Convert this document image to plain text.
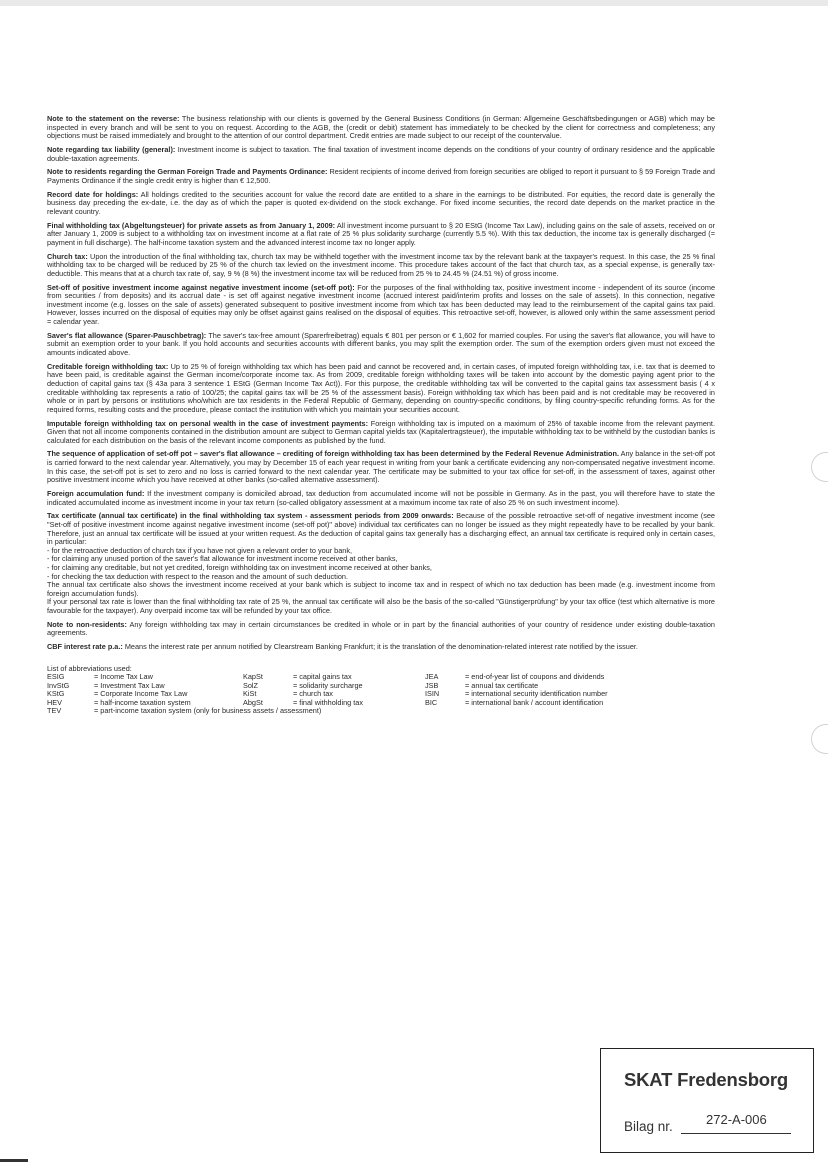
Note to the statement on the reverse: The business relationship with our clients is governed by the General Business Conditions (in German: Allgemeine Geschäftsbedingungen or AGB) which may be inspected in every branch and will be sent to you on request. According to the AGB, the (credit or debit) statement has immediately to be checked by the client for correctness and completeness; any objections must be raised immediately and brought to the attention of our control department. Credit entries are made subject to our receipt of the countervalue.

Note regarding tax liability (general): Investment income is subject to taxation. The final taxation of investment income depends on the conditions of your country of ordinary residence and the applicable double-taxation agreements.

Note to residents regarding the German Foreign Trade and Payments Ordinance: Resident recipients of income derived from foreign securities are obliged to report it pursuant to § 59 Foreign Trade and Payments Ordinance if the single credit entry is higher than € 12,500.

Record date for holdings: All holdings credited to the securities account for value the record date are entitled to a share in the earnings to be distributed. For equities, the record date is generally the business day preceding the ex-date, i.e. the day as of which the paper is quoted ex-dividend on the stock exchange. For fixed income securities, the record date depends on the market practice in the relevant country.

Final withholding tax (Abgeltungsteuer) for private assets as from January 1, 2009: All investment income pursuant to § 20 EStG (Income Tax Law), including gains on the sale of assets, received on or after January 1, 2009 is subject to a withholding tax on investment income at a flat rate of 25 % plus solidarity surcharge (currently 5.5 %). With this tax deduction, the income tax is generally discharged (= payment in full discharge). The half-income taxation system and the advanced interest income tax no longer apply.

Church tax: Upon the introduction of the final withholding tax, church tax may be withheld together with the investment income tax by the relevant bank at the taxpayer's request. In this case, the 25 % final withholding tax to be charged will be reduced by 25 % of the church tax levied on the investment income. This procedure takes account of the fact that church tax, as a special expense, is generally tax-deductible. This means that at a church tax rate of, say, 9 % (8 %) the investment income tax will be reduced from 25 % to 24.45 % (24.51 %) of gross income.

Set-off of positive investment income against negative investment income (set-off pot): For the purposes of the final withholding tax, positive investment income - independent of its source (income from securities / from deposits) and its accrual date - is set off against negative investment income (accrued interest paid/interim profits and losses on the sale of assets). In this connection, negative investment income (e.g. losses on the sale of assets) generated subsequent to positive investment income from which tax has been deducted may lead to the reimbursement of the capital gains tax paid. However, losses incurred on the disposal of equities may only be offset against gains realised on the disposal of equities. This retroactive set-off, however, is allowed only within the same assessment period = calendar year.

Saver's flat allowance (Sparer-Pauschbetrag): The saver's tax-free amount (Sparerfreibetrag) equals € 801 per person or € 1,602 for married couples. For using the saver's flat allowance, you will have to submit an exemption order to your bank. If you hold accounts and securities accounts with different banks, you may split the exemption order. The sum of the exemption orders given must not exceed the amounts indicated above.

Creditable foreign withholding tax: Up to 25 % of foreign withholding tax which has been paid and cannot be recovered and, in certain cases, of imputed foreign withholding tax, i.e. tax that is deemed to have been paid, is creditable against the German income/corporate income tax. As from 2009, creditable foreign withholding taxes will be taken into account by the domestic paying agent prior to the deduction of capital gains tax (§ 43a para 3 sentence 1 EStG (German Income Tax Act)). For this purpose, the creditable withholding tax will be converted to the capital gains tax assessment basis ( 4 x creditable withholding tax represents a ratio of 100/25; the capital gains tax will be 25 % of the assessment basis). Foreign withholding tax which has been paid and is not creditable may be recovered in whole or in part by persons or institutions who/which are tax residents in the Federal Republic of Germany, depending on country-specific conditions, by filing country-specific refunding forms. As for the required forms, resulting costs and the procedure, please contact the institution with which you maintain your securities account.

Imputable foreign withholding tax on personal wealth in the case of investment payments: Foreign withholding tax is imputed on a maximum of 25% of taxable income from the relevant payment. Given that not all income components contained in the distribution amount are subject to German capital yields tax (Kapitalertragsteuer), the imputable withholding tax to be withheld by the custodian banks is calculated for each distribution on the basis of the relevant income components as published by the fund.

The sequence of application of set-off pot – saver's flat allowance – crediting of foreign withholding tax has been determined by the Federal Revenue Administration. Any balance in the set-off pot is carried forward to the next calendar year. Alternatively, you may by December 15 of each year request in writing from your bank a certificate evidencing any non-compensated negative investment income. In this case, the set-off pot is set to zero and no loss is carried forward to the next calendar year. The certificate may be submitted to your tax office for set-off, in the assessment of taxes, against other positive investment income which you have received at other banks (so-called alternative assessment).

Foreign accumulation fund: If the investment company is domiciled abroad, tax deduction from accumulated income will not be possible in Germany. As in the past, you will therefore have to state the indicated accumulated income as investment income in your tax return (so-called obligatory assessment at a maximum income tax rate of also 25 % on such investment income).

Tax certificate (annual tax certificate) in the final withholding tax system - assessment periods from 2009 onwards: Because of the possible retroactive set-off of negative investment income (see "Set-off of positive investment income against negative investment income (set-off pot)" above) individual tax certificates can no longer be issued as they might repeatedly have to be recalled by your bank. Therefore, just an annual tax certificate will be issued at your written request. As the deduction of capital gains tax generally has a discharging effect, an annual tax certificate is required only in certain cases, in particular:
- for the retroactive deduction of church tax if you have not given a relevant order to your bank,
- for claiming any unused portion of the saver's flat allowance for investment income received at other banks,
- for claiming any creditable, but not yet credited, foreign withholding tax on investment income received at other banks,
- for checking the tax deduction with respect to the reason and the amount of such deduction.
The annual tax certificate also shows the investment income received at your bank which is subject to income tax and in respect of which no tax deduction has been made (e.g. investment income from foreign accumulation funds).
If your personal tax rate is lower than the final withholding tax rate of 25 %, the annual tax certificate will also be the basis of the so-called "Günstigerprüfung" by your tax office (test which alternative is more favourable for the taxpayer). Any overpaid income tax will be refunded by your tax office.

Note to non-residents: Any foreign withholding tax may in certain circumstances be credited in whole or in part by the financial authorities of your country of residence under existing double-taxation agreements.

CBF interest rate p.a.: Means the interest rate per annum notified by Clearstream Banking Frankfurt; it is the translation of the denomination-related interest rate notified by the issuer.

List of abbreviations used:
ESIG	= Income Tax Law	KapSt	= capital gains tax	JEA	= end-of-year list of coupons and dividends
InvStG	= Investment Tax Law	SolZ	= solidarity surcharge	JSB	= annual tax certificate
KStG	= Corporate Income Tax Law	KiSt	= church tax	ISIN	= international security identification number
HEV	= half-income taxation system	AbgSt	= final withholding tax	BIC	= international bank / account identification
TEV	= part-income taxation system (only for business assets / assessment)
SKAT Fredensborg
Bilag nr.	272-A-006
